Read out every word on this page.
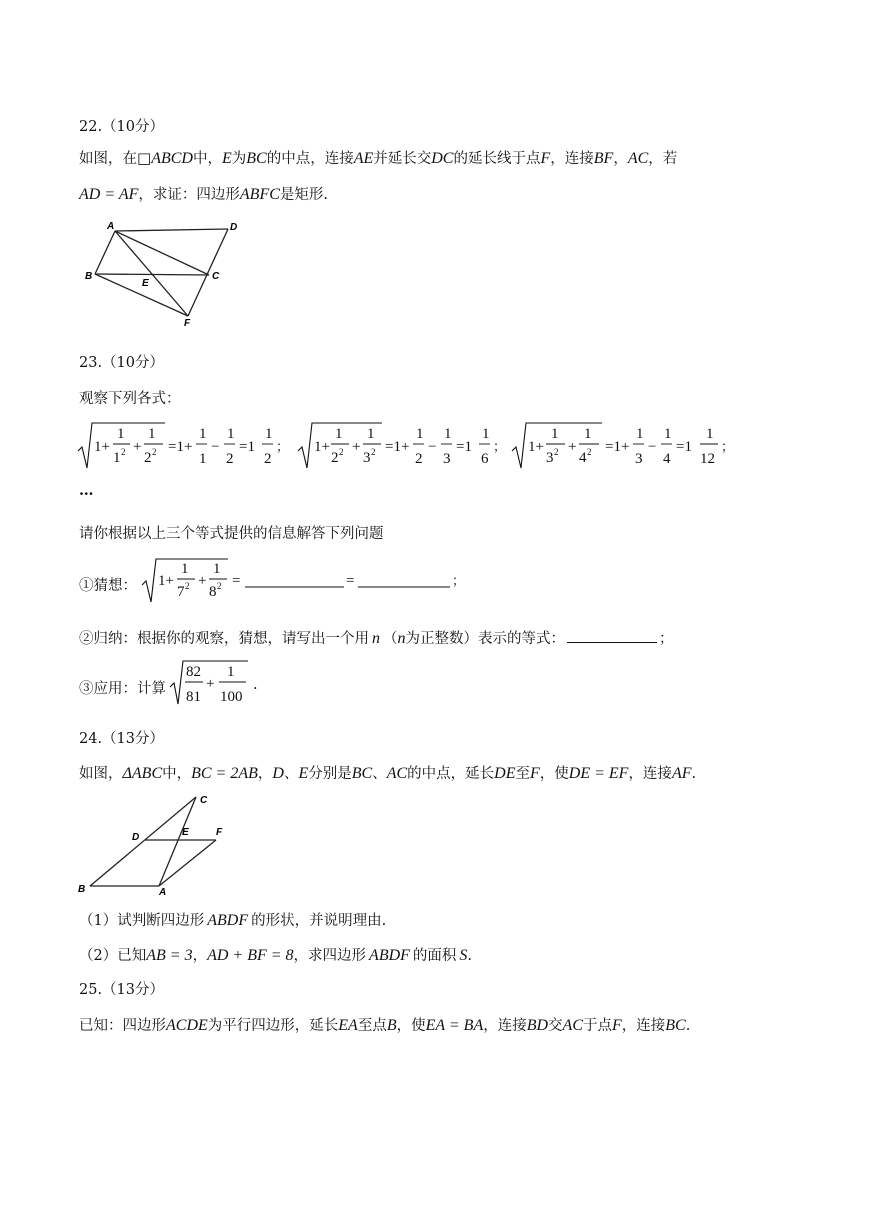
22.（10分）
如图，在□ABCD中，E为BC的中点，连接AE并延长交DC的延长线于点F，连接BF，AC，若
AD = AF，求证：四边形ABFC是矩形.
A	D
B	C
E
F
23.（10分）
观察下列各式：
1+
1
1 2 +
1
2 2 =1+
1
1
−
1
2
=1
1
2
； 1+
1
2 2 +
1
3 2 =1+
1
2
−
1
3
=1
1
6
； 1+
1
3 2 +
1
4 2 =1+
1
3
−
1
4
=1
1
12
；
…
请你根据以上三个等式提供的信息解答下列问题
①猜想： 1+
1
7 2 +
1
8 2 =	=	；
②归纳：根据你的观察，猜想，请写出一个用 n （n为正整数）表示的等式：	；
③应用：计算
82
81
+
1
100
.
24.（13分）
如图，ΔABC中，BC = 2AB，D、E分别是BC、AC的中点，延长DE至F，使DE = EF，连接AF.
C
D	E	F
B	A
（1）试判断四边形 ABDF 的形状，并说明理由.
（2）已知AB = 3，AD + BF = 8，求四边形 ABDF 的面积 S.
25.（13分）
已知：四边形ACDE为平行四边形，延长EA至点B，使EA = BA，连接BD交AC于点F，连接BC.
